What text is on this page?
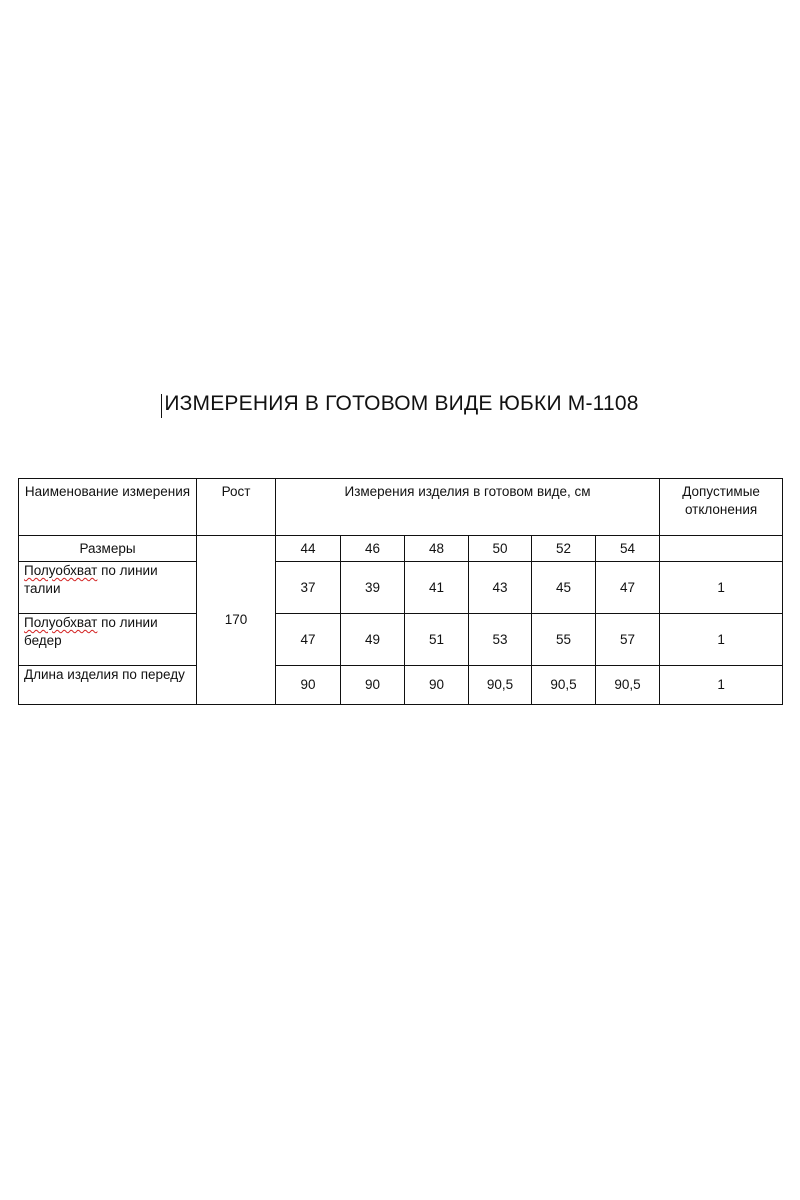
ИЗМЕРЕНИЯ В ГОТОВОМ ВИДЕ ЮБКИ М-1108
Наименование измерения	Рост	Измерения изделия в готовом виде, см						Допустимые отклонения
Размеры	170	44	46	48	50	52	54	
Полуобхват по линии талии		37	39	41	43	45	47	1
Полуобхват по линии бедер		47	49	51	53	55	57	1
Длина изделия по переду		90	90	90	90,5	90,5	90,5	1
